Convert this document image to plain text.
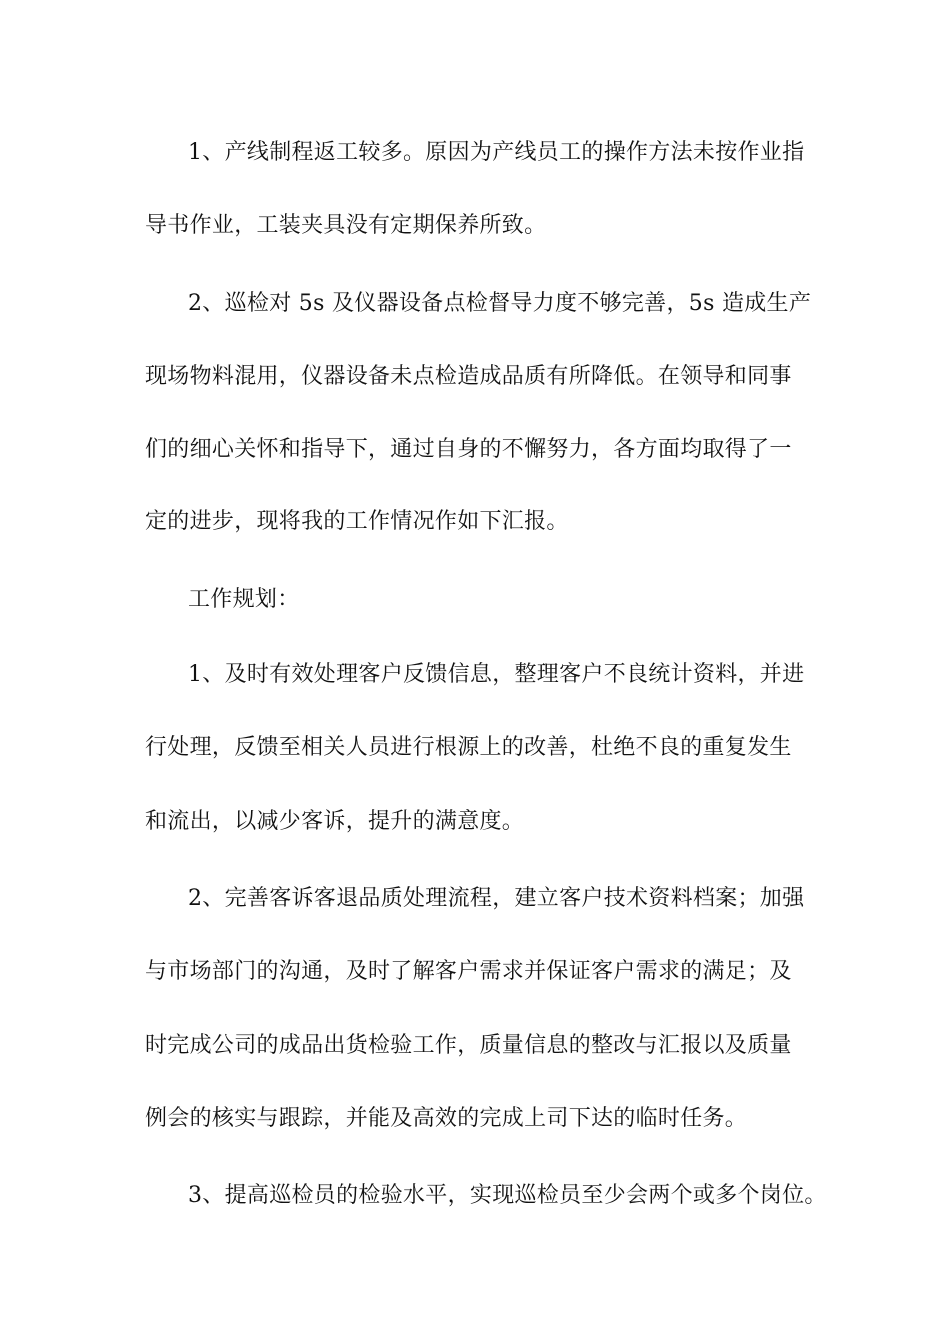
1、产线制程返工较多。原因为产线员工的操作方法未按作业指
导书作业，工装夹具没有定期保养所致。
2、巡检对 5s 及仪器设备点检督导力度不够完善，5s 造成生产
现场物料混用，仪器设备未点检造成品质有所降低。在领导和同事
们的细心关怀和指导下，通过自身的不懈努力，各方面均取得了一
定的进步，现将我的工作情况作如下汇报。
工作规划：
1、及时有效处理客户反馈信息，整理客户不良统计资料，并进
行处理，反馈至相关人员进行根源上的改善，杜绝不良的重复发生
和流出，以减少客诉，提升的满意度。
2、完善客诉客退品质处理流程，建立客户技术资料档案；加强
与市场部门的沟通，及时了解客户需求并保证客户需求的满足；及
时完成公司的成品出货检验工作，质量信息的整改与汇报以及质量
例会的核实与跟踪，并能及高效的完成上司下达的临时任务。
3、提高巡检员的检验水平，实现巡检员至少会两个或多个岗位。
